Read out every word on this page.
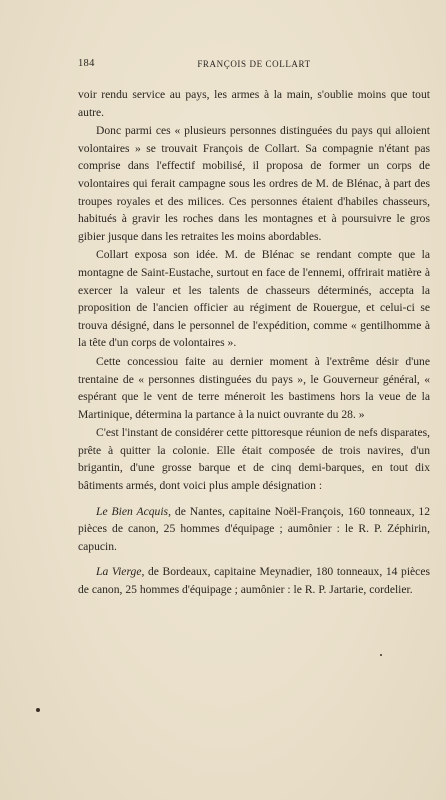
184	FRANÇOIS DE COLLART

voir rendu service au pays, les armes à la main, s'oublie moins que tout autre.

Donc parmi ces « plusieurs personnes distinguées du pays qui alloient volontaires » se trouvait François de Collart. Sa compagnie n'étant pas comprise dans l'effectif mobilisé, il proposa de former un corps de volontaires qui ferait campagne sous les ordres de M. de Blénac, à part des troupes royales et des milices. Ces personnes étaient d'habiles chasseurs, habitués à gravir les roches dans les montagnes et à poursuivre le gros gibier jusque dans les retraites les moins abordables.

Collart exposa son idée. M. de Blénac se rendant compte que la montagne de Saint-Eustache, surtout en face de l'ennemi, offrirait matière à exercer la valeur et les talents de chasseurs déterminés, accepta la proposition de l'ancien officier au régiment de Rouergue, et celui-ci se trouva désigné, dans le personnel de l'expédition, comme « gentilhomme à la tête d'un corps de volontaires ».

Cette concessiou faite au dernier moment à l'extrême désir d'une trentaine de « personnes distinguées du pays », le Gouverneur général, « espérant que le vent de terre méneroit les bastimens hors la veue de la Martinique, détermina la partance à la nuict ouvrante du 28. »

C'est l'instant de considérer cette pittoresque réunion de nefs disparates, prête à quitter la colonie. Elle était composée de trois navires, d'un brigantin, d'une grosse barque et de cinq demi-barques, en tout dix bâtiments armés, dont voici plus ample désignation :

Le Bien Acquis, de Nantes, capitaine Noël-François, 160 tonneaux, 12 pièces de canon, 25 hommes d'équipage ; aumônier : le R. P. Zéphirin, capucin.

La Vierge, de Bordeaux, capitaine Meynadier, 180 tonneaux, 14 pièces de canon, 25 hommes d'équipage ; aumônier : le R. P. Jartarie, cordelier.
